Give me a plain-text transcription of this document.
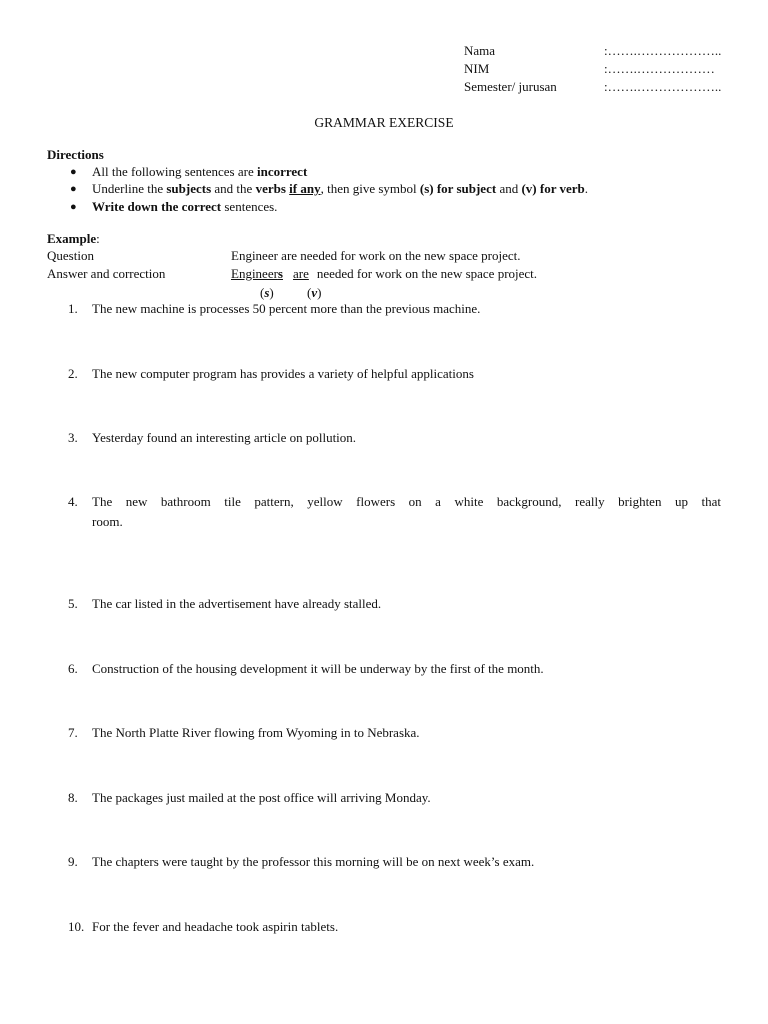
Nama	:…….………………..
NIM	:…….………………
Semester/ jurusan	:…….………………..
GRAMMAR EXERCISE
Directions
● All the following sentences are incorrect
● Underline the subjects and the verbs if any, then give symbol (s) for subject and (v) for verb.
● Write down the correct sentences.
Example:
Question	Engineer are needed for work on the new space project.
Answer and correction	Engineers are needed for work on the new space project.
(s)	(v)
1. The new machine is processes 50 percent more than the previous machine.
2. The new computer program has provides a variety of helpful applications
3. Yesterday found an interesting article on pollution.
4. The new bathroom tile pattern, yellow flowers on a white background, really brighten up that
room.
5. The car listed in the advertisement have already stalled.
6. Construction of the housing development it will be underway by the first of the month.
7. The North Platte River flowing from Wyoming in to Nebraska.
8. The packages just mailed at the post office will arriving Monday.
9. The chapters were taught by the professor this morning will be on next week’s exam.
10. For the fever and headache took aspirin tablets.
